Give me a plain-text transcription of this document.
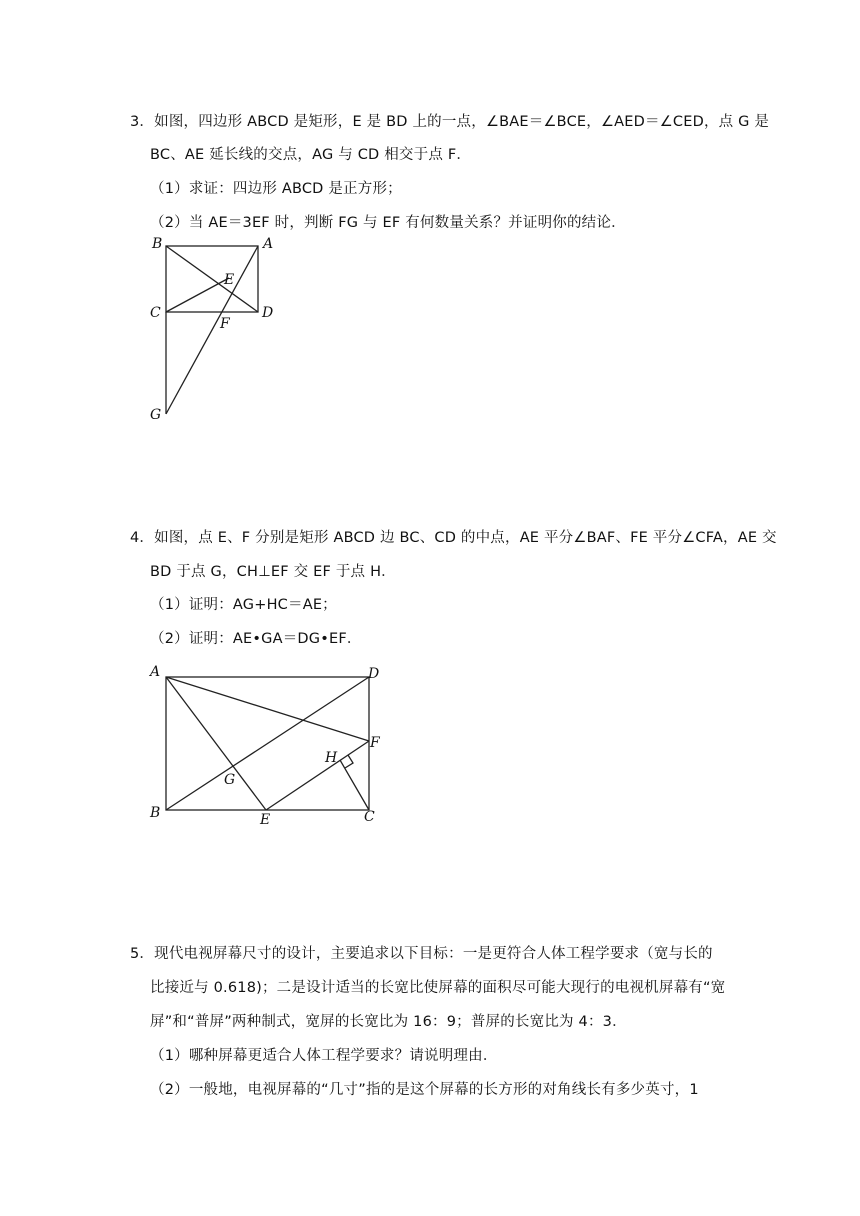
3．如图，四边形 ABCD 是矩形，E 是 BD 上的一点，∠BAE＝∠BCE，∠AED＝∠CED，点 G 是
BC、AE 延长线的交点，AG 与 CD 相交于点 F．
（1）求证：四边形 ABCD 是正方形；
（2）当 AE＝3EF 时，判断 FG 与 EF 有何数量关系？并证明你的结论．
B	A
E
C	D
F
G
4．如图，点 E、F 分别是矩形 ABCD 边 BC、CD 的中点，AE 平分∠BAF、FE 平分∠CFA，AE 交
BD 于点 G，CH⊥EF 交 EF 于点 H．
（1）证明：AG+HC＝AE；
（2）证明：AE•GA＝DG•EF．
A	D
F
H
G
B	E	C
5．现代电视屏幕尺寸的设计，主要追求以下目标：一是更符合人体工程学要求（宽与长的
比接近与 0.618)；二是设计适当的长宽比使屏幕的面积尽可能大现行的电视机屏幕有“宽
屏”和“普屏”两种制式，宽屏的长宽比为 16：9；普屏的长宽比为 4：3．
（1）哪种屏幕更适合人体工程学要求？请说明理由．
（2）一般地，电视屏幕的“几寸”指的是这个屏幕的长方形的对角线长有多少英寸，1
